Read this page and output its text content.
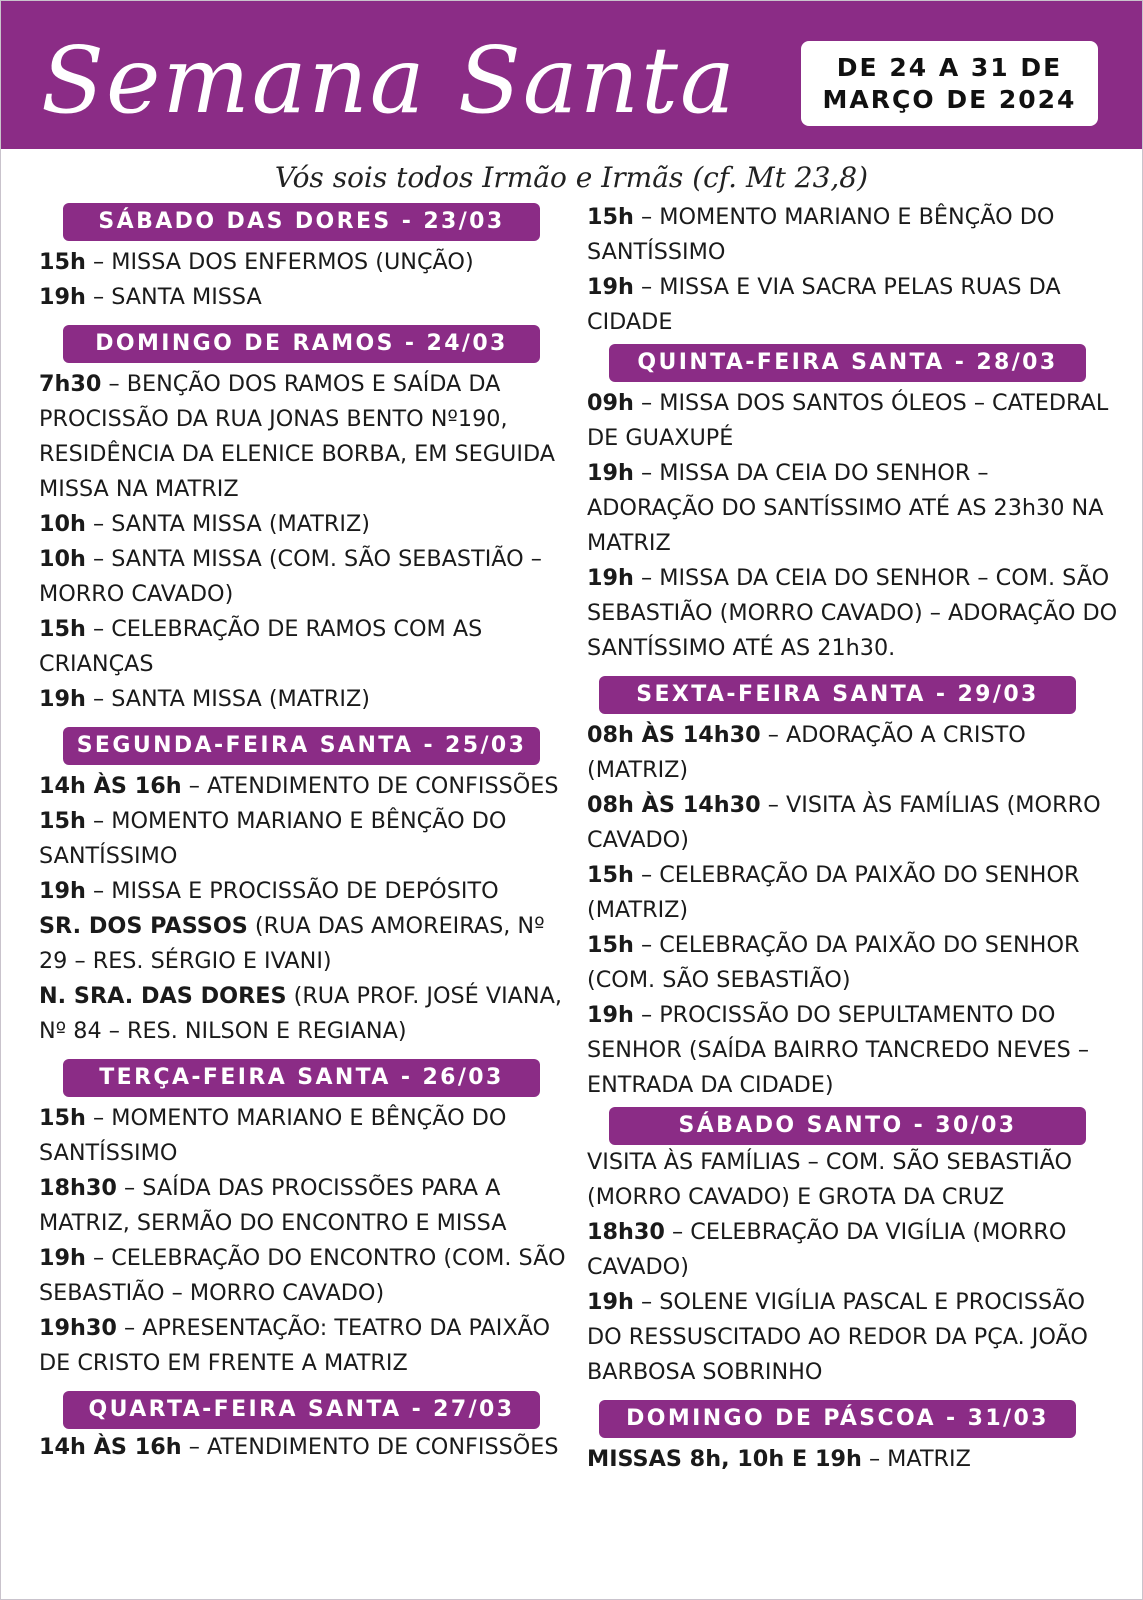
Semana Santa	DE 24 A 31 DE
MARÇO DE 2024
Vós sois todos Irmão e Irmãs (cf. Mt 23,8)
SÁBADO DAS DORES - 23/03
15h – MISSA DOS ENFERMOS (UNÇÃO)
19h – SANTA MISSA
DOMINGO DE RAMOS - 24/03
7h30 – BENÇÃO DOS RAMOS E SAÍDA DA PROCISSÃO DA RUA JONAS BENTO Nº190, RESIDÊNCIA DA ELENICE BORBA, EM SEGUIDA MISSA NA MATRIZ
10h – SANTA MISSA (MATRIZ)
10h – SANTA MISSA (COM. SÃO SEBASTIÃO – MORRO CAVADO)
15h – CELEBRAÇÃO DE RAMOS COM AS CRIANÇAS
19h – SANTA MISSA (MATRIZ)
SEGUNDA-FEIRA SANTA - 25/03
14h ÀS 16h – ATENDIMENTO DE CONFISSÕES
15h – MOMENTO MARIANO E BÊNÇÃO DO SANTÍSSIMO
19h – MISSA E PROCISSÃO DE DEPÓSITO
SR. DOS PASSOS (RUA DAS AMOREIRAS, Nº 29 – RES. SÉRGIO E IVANI)
N. SRA. DAS DORES (RUA PROF. JOSÉ VIANA, Nº 84 – RES. NILSON E REGIANA)
TERÇA-FEIRA SANTA - 26/03
15h – MOMENTO MARIANO E BÊNÇÃO DO SANTÍSSIMO
18h30 – SAÍDA DAS PROCISSÕES PARA A MATRIZ, SERMÃO DO ENCONTRO E MISSA
19h – CELEBRAÇÃO DO ENCONTRO (COM. SÃO SEBASTIÃO – MORRO CAVADO)
19h30 – APRESENTAÇÃO: TEATRO DA PAIXÃO DE CRISTO EM FRENTE A MATRIZ
QUARTA-FEIRA SANTA - 27/03
14h ÀS 16h – ATENDIMENTO DE CONFISSÕES
15h – MOMENTO MARIANO E BÊNÇÃO DO SANTÍSSIMO
19h – MISSA E VIA SACRA PELAS RUAS DA CIDADE
QUINTA-FEIRA SANTA - 28/03
09h – MISSA DOS SANTOS ÓLEOS – CATEDRAL DE GUAXUPÉ
19h – MISSA DA CEIA DO SENHOR – ADORAÇÃO DO SANTÍSSIMO ATÉ AS 23h30 NA MATRIZ
19h – MISSA DA CEIA DO SENHOR – COM. SÃO SEBASTIÃO (MORRO CAVADO) – ADORAÇÃO DO SANTÍSSIMO ATÉ AS 21h30.
SEXTA-FEIRA SANTA - 29/03
08h ÀS 14h30 – ADORAÇÃO A CRISTO (MATRIZ)
08h ÀS 14h30 – VISITA ÀS FAMÍLIAS (MORRO CAVADO)
15h – CELEBRAÇÃO DA PAIXÃO DO SENHOR (MATRIZ)
15h – CELEBRAÇÃO DA PAIXÃO DO SENHOR (COM. SÃO SEBASTIÃO)
19h – PROCISSÃO DO SEPULTAMENTO DO SENHOR (SAÍDA BAIRRO TANCREDO NEVES – ENTRADA DA CIDADE)
SÁBADO SANTO - 30/03
VISITA ÀS FAMÍLIAS – COM. SÃO SEBASTIÃO (MORRO CAVADO) E GROTA DA CRUZ
18h30 – CELEBRAÇÃO DA VIGÍLIA (MORRO CAVADO)
19h – SOLENE VIGÍLIA PASCAL E PROCISSÃO DO RESSUSCITADO AO REDOR DA PÇA. JOÃO BARBOSA SOBRINHO
DOMINGO DE PÁSCOA - 31/03
MISSAS 8h, 10h E 19h – MATRIZ
